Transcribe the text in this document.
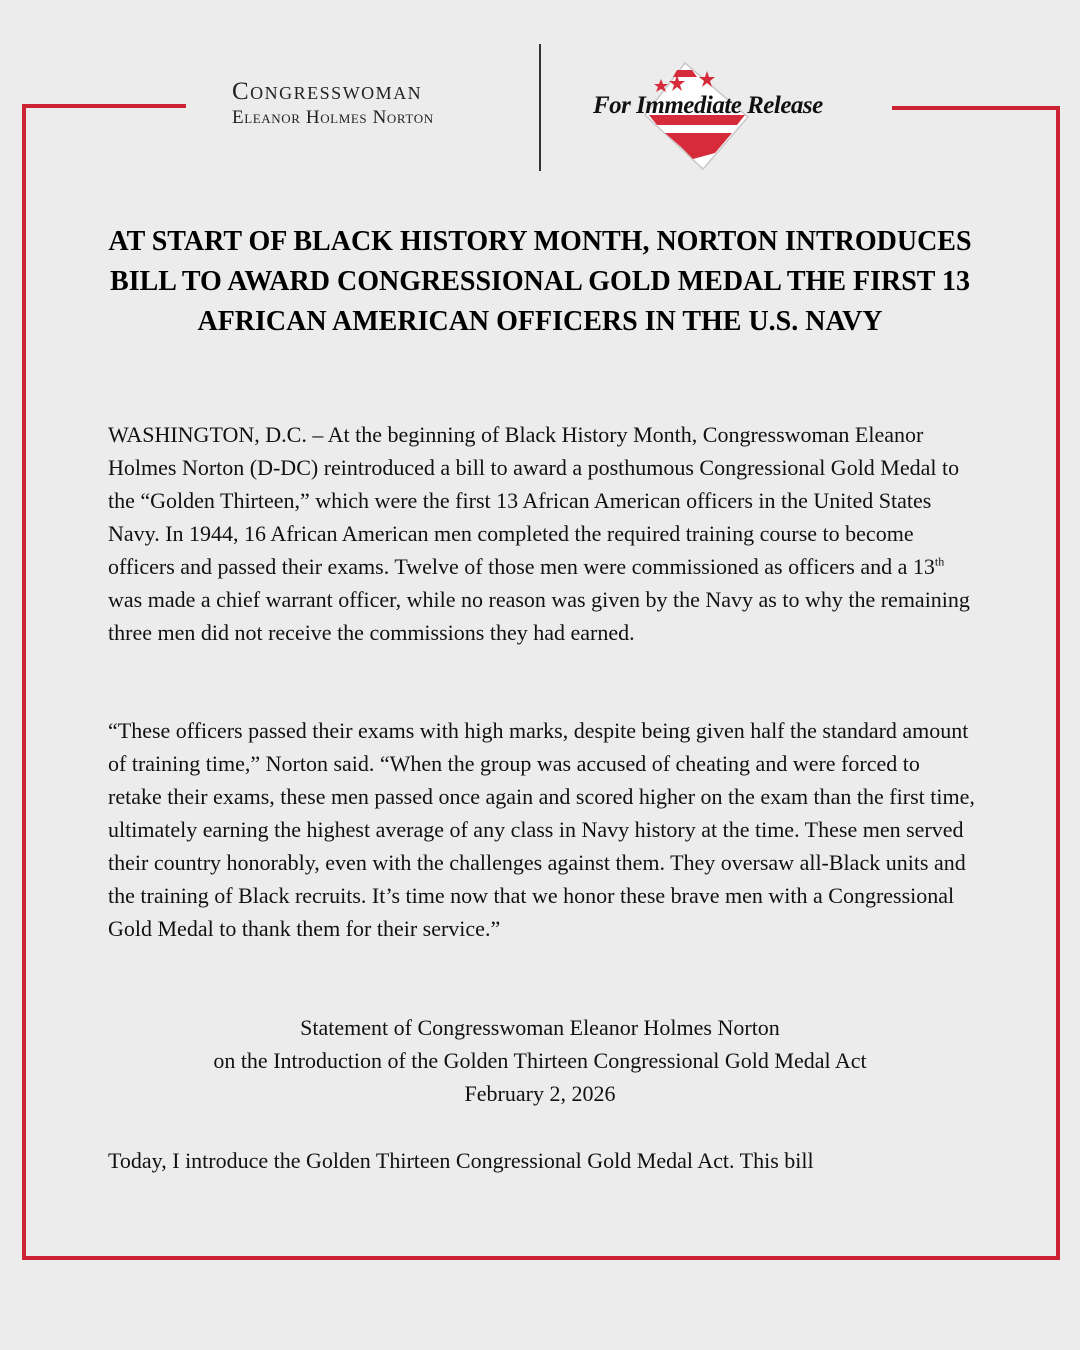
Congresswoman
Eleanor Holmes Norton	For Immediate Release
AT START OF BLACK HISTORY MONTH, NORTON INTRODUCES BILL TO AWARD CONGRESSIONAL GOLD MEDAL THE FIRST 13 AFRICAN AMERICAN OFFICERS IN THE U.S. NAVY

WASHINGTON, D.C. – At the beginning of Black History Month, Congresswoman Eleanor Holmes Norton (D-DC) reintroduced a bill to award a posthumous Congressional Gold Medal to the “Golden Thirteen,” which were the first 13 African American officers in the United States Navy. In 1944, 16 African American men completed the required training course to become officers and passed their exams. Twelve of those men were commissioned as officers and a 13th was made a chief warrant officer, while no reason was given by the Navy as to why the remaining three men did not receive the commissions they had earned.

“These officers passed their exams with high marks, despite being given half the standard amount of training time,” Norton said. “When the group was accused of cheating and were forced to retake their exams, these men passed once again and scored higher on the exam than the first time, ultimately earning the highest average of any class in Navy history at the time. These men served their country honorably, even with the challenges against them. They oversaw all-Black units and the training of Black recruits. It’s time now that we honor these brave men with a Congressional Gold Medal to thank them for their service.”

Statement of Congresswoman Eleanor Holmes Norton
on the Introduction of the Golden Thirteen Congressional Gold Medal Act
February 2, 2026

Today, I introduce the Golden Thirteen Congressional Gold Medal Act. This bill
